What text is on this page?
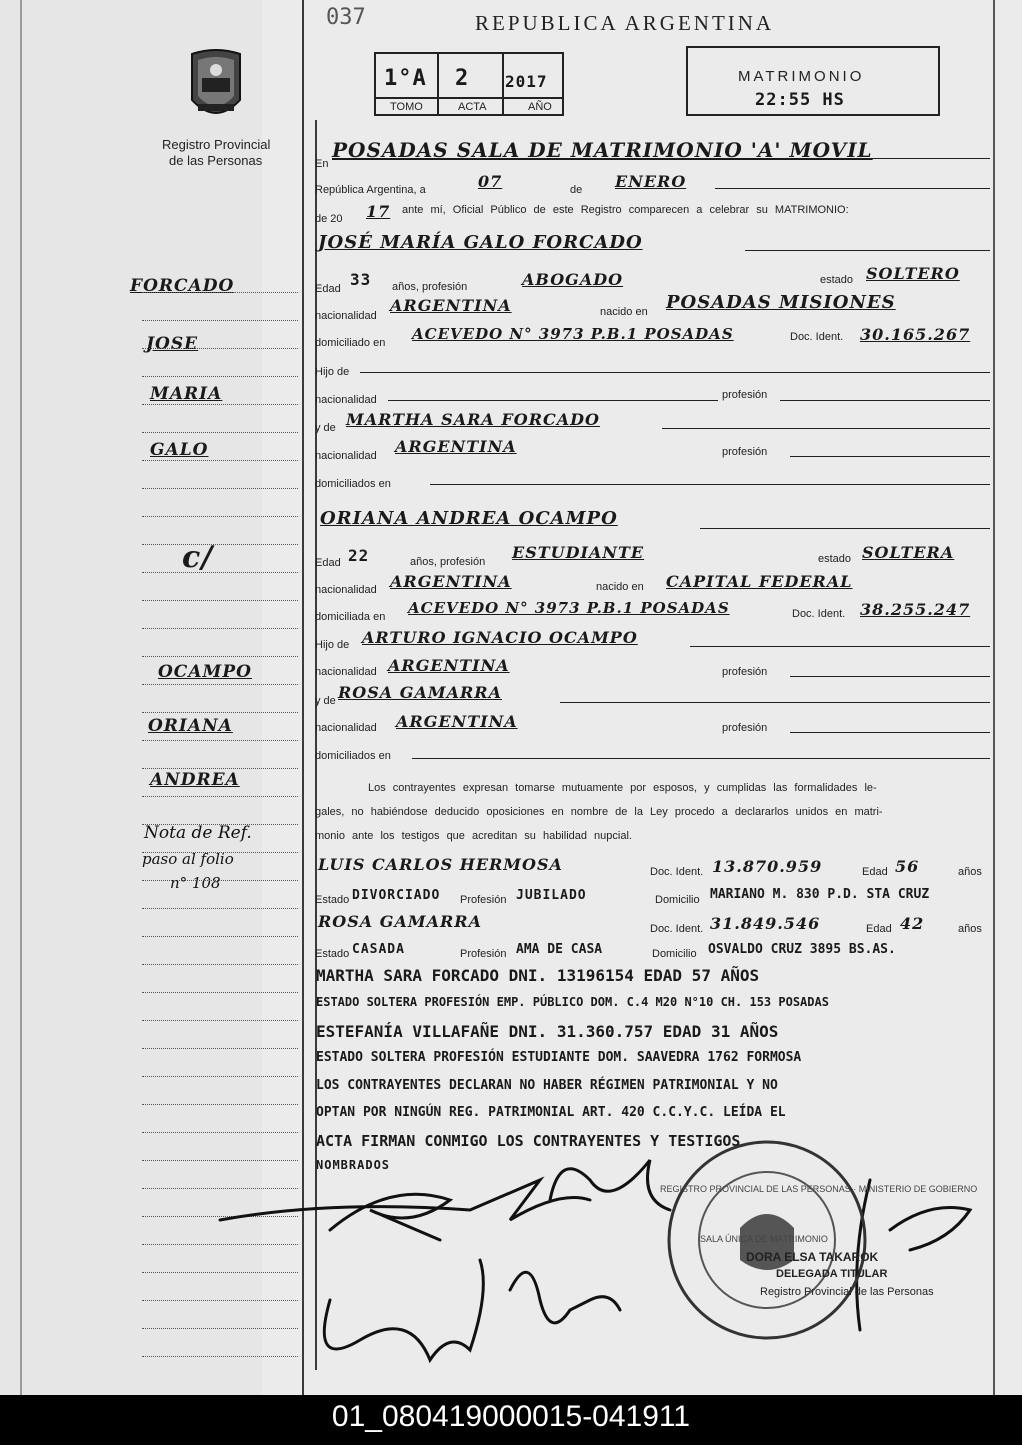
037	REPUBLICA ARGENTINA
Registro Provincial
de las Personas
1°A 2 2017
TOMO	ACTA	AÑO
MATRIMONIO
22:55 HS
En
POSADAS SALA DE MATRIMONIO 'A' MOVIL
República Argentina, a	07	de ENERO
de 20 17 ante mí, Oficial Público de este Registro comparecen a celebrar su MATRIMONIO:
JOSÉ MARÍA GALO FORCADO
Edad 33 años, profesión	ABOGADO	estado SOLTERO
nacionalidad
ARGENTINA	nacido en POSADAS MISIONES
domiciliado en ACEVEDO N° 3973 P.B.1 POSADAS	Doc. Ident. 30.165.267
Hijo de
nacionalidad	profesión
y de MARTHA SARA FORCADO
nacionalidad ARGENTINA	profesión
domiciliados en
ORIANA ANDREA OCAMPO
Edad 22	años, profesión ESTUDIANTE	estado SOLTERA
nacionalidad ARGENTINA	nacido en CAPITAL FEDERAL
domiciliada en ACEVEDO N° 3973 P.B.1 POSADAS	Doc. Ident. 38.255.247
Hijo de ARTURO IGNACIO OCAMPO
nacionalidad ARGENTINA	profesión
y de ROSA GAMARRA
nacionalidad ARGENTINA	profesión
domiciliados en
Los contrayentes expresan tomarse mutuamente por esposos, y cumplidas las formalidades le-
gales, no habiéndose deducido oposiciones en nombre de la Ley procedo a declararlos unidos en matri-
monio ante los testigos que acreditan su habilidad nupcial.
LUIS CARLOS HERMOSA	Doc. Ident. 13.870.959	Edad 56	años
Estado DIVORCIADO Profesión JUBILADO	Domicilio MARIANO M. 830 P.D. STA CRUZ
ROSA GAMARRA	Doc. Ident. 31.849.546	Edad 42	años
Estado CASADA	Profesión AMA DE CASA	Domicilio OSVALDO CRUZ 3895 BS.AS.
MARTHA SARA FORCADO DNI. 13196154 EDAD 57 AÑOS
ESTADO SOLTERA PROFESIÓN EMP. PÚBLICO DOM. C.4 M20 N°10 CH. 153 POSADAS
ESTEFANÍA VILLAFAÑE DNI. 31.360.757 EDAD 31 AÑOS
ESTADO SOLTERA PROFESIÓN ESTUDIANTE DOM. SAAVEDRA 1762 FORMOSA
LOS CONTRAYENTES DECLARAN NO HABER RÉGIMEN PATRIMONIAL Y NO
OPTAN POR NINGÚN REG. PATRIMONIAL ART. 420 C.C.Y.C. LEÍDA EL
ACTA FIRMAN CONMIGO LOS CONTRAYENTES Y TESTIGOS
NOMBRADOS
FORCADO
JOSE
MARIA
GALO
c/
OCAMPO
ORIANA
ANDREA
Nota de Ref.
paso al folio
n° 108
DORA ELSA TAKAROK
DELEGADA TITULAR
Registro Provincial de las Personas
REGISTRO PROVINCIAL DE LAS PERSONAS · MINISTERIO DE GOBIERNO
SALA ÚNICA DE MATRIMONIO
01_080419000015-041911
